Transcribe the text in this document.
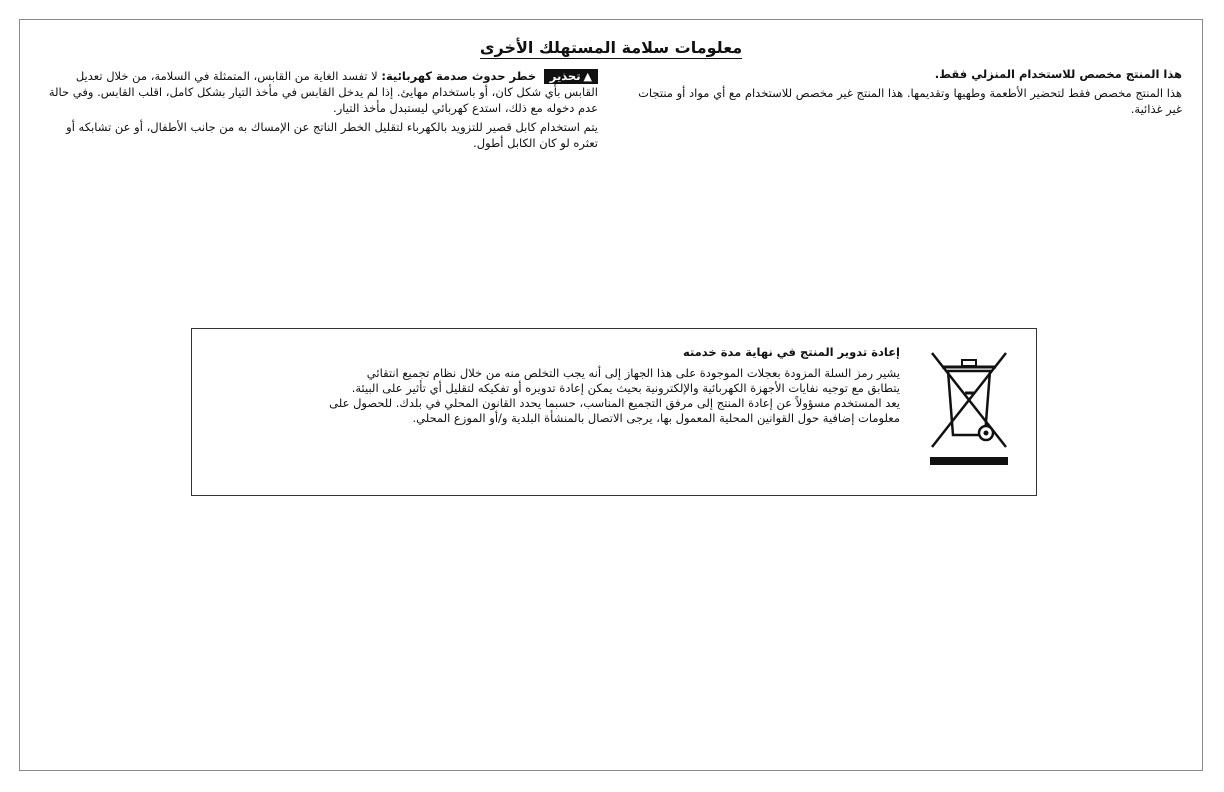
معلومات سلامة المستهلك الأخرى

هذا المنتج مخصص للاستخدام المنزلي فقط.

هذا المنتج مخصص فقط لتحضير الأطعمة وطهيها وتقديمها. هذا المنتج غير مخصص للاستخدام مع أي مواد أو منتجات غير غذائية.

▲تحذير خطر حدوث صدمة كهربائية: لا تفسد الغاية من القابس، المتمثلة في السلامة، من خلال تعديل القابس بأي شكل كان، أو باستخدام مهايئ. إذا لم يدخل القابس في مأخذ التيار بشكل كامل، اقلب القابس. وفي حالة عدم دخوله مع ذلك، استدع كهربائي ليستبدل مأخذ التيار.

يتم استخدام كابل قصير للتزويد بالكهرباء لتقليل الخطر الناتج عن الإمساك به من جانب الأطفال، أو عن تشابكه أو تعثره لو كان الكابل أطول.

إعادة تدوير المنتج في نهاية مدة خدمته

يشير رمز السلة المزودة بعجلات الموجودة على هذا الجهاز إلى أنه يجب التخلص منه من خلال نظام تجميع انتقائي

يتطابق مع توجيه نفايات الأجهزة الكهربائية والإلكترونية بحيث يمكن إعادة تدويره أو تفكيكه لتقليل أي تأثير على البيئة.

يعد المستخدم مسؤولاً عن إعادة المنتج إلى مرفق التجميع المناسب، حسبما يحدد القانون المحلي في بلدك. للحصول على

معلومات إضافية حول القوانين المحلية المعمول بها، يرجى الاتصال بالمنشأة البلدية و/أو الموزع المحلي.
